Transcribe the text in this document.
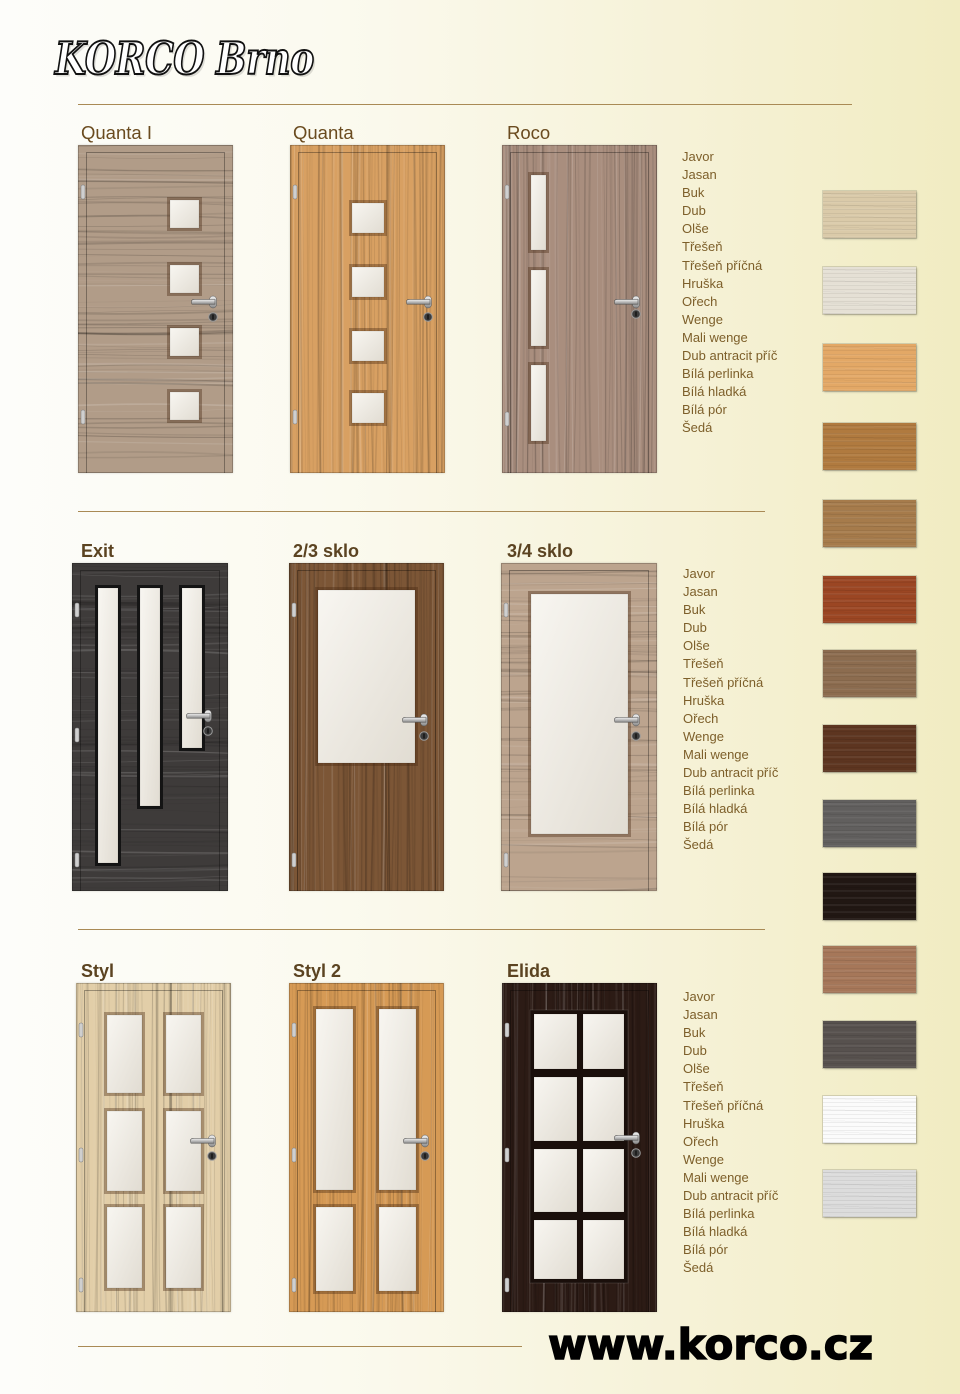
KORCO Brno
Quanta I	Quanta	Roco
Javor
Jasan
Buk
Dub
Olše
Třešeň
Třešeň příčná
Hruška
Ořech
Wenge
Mali wenge
Dub antracit příč
Bílá perlinka
Bílá hladká
Bílá pór
Šedá
Exit	2/3 sklo	3/4 sklo
Javor
Jasan
Buk
Dub
Olše
Třešeň
Třešeň příčná
Hruška
Ořech
Wenge
Mali wenge
Dub antracit příč
Bílá perlinka
Bílá hladká
Bílá pór
Šedá
Styl	Styl 2	Elida
Javor
Jasan
Buk
Dub
Olše
Třešeň
Třešeň příčná
Hruška
Ořech
Wenge
Mali wenge
Dub antracit příč
Bílá perlinka
Bílá hladká
Bílá pór
Šedá
www.korco.cz
